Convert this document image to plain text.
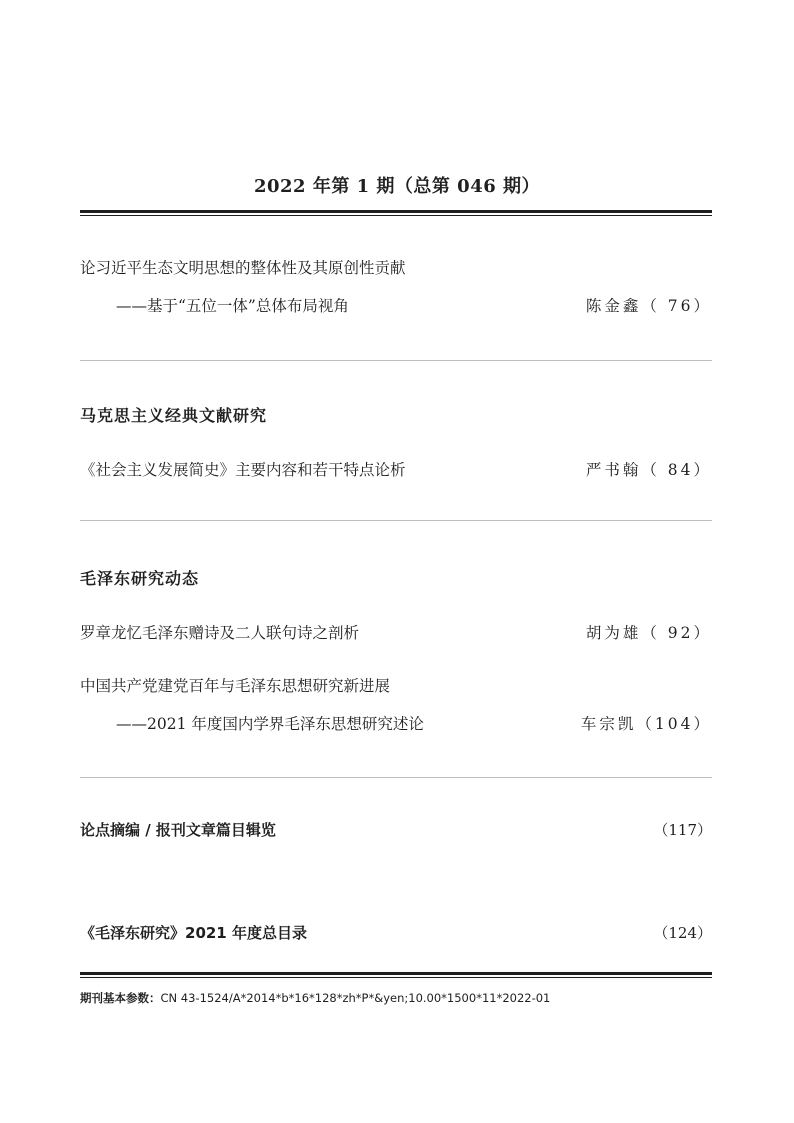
2022 年第 1 期（总第 046 期）
论习近平生态文明思想的整体性及其原创性贡献
——基于“五位一体”总体布局视角	陈金鑫（ 76）
马克思主义经典文献研究
《社会主义发展简史》主要内容和若干特点论析	严书翰（ 84）
毛泽东研究动态
罗章龙忆毛泽东赠诗及二人联句诗之剖析	胡为雄（ 92）
中国共产党建党百年与毛泽东思想研究新进展
——2021 年度国内学界毛泽东思想研究述论	车宗凯（104）
论点摘编 / 报刊文章篇目辑览	（117）
《毛泽东研究》2021 年度总目录	（124）
期刊基本参数：CN 43-1524/A*2014*b*16*128*zh*P*&yen;10.00*1500*11*2022-01
